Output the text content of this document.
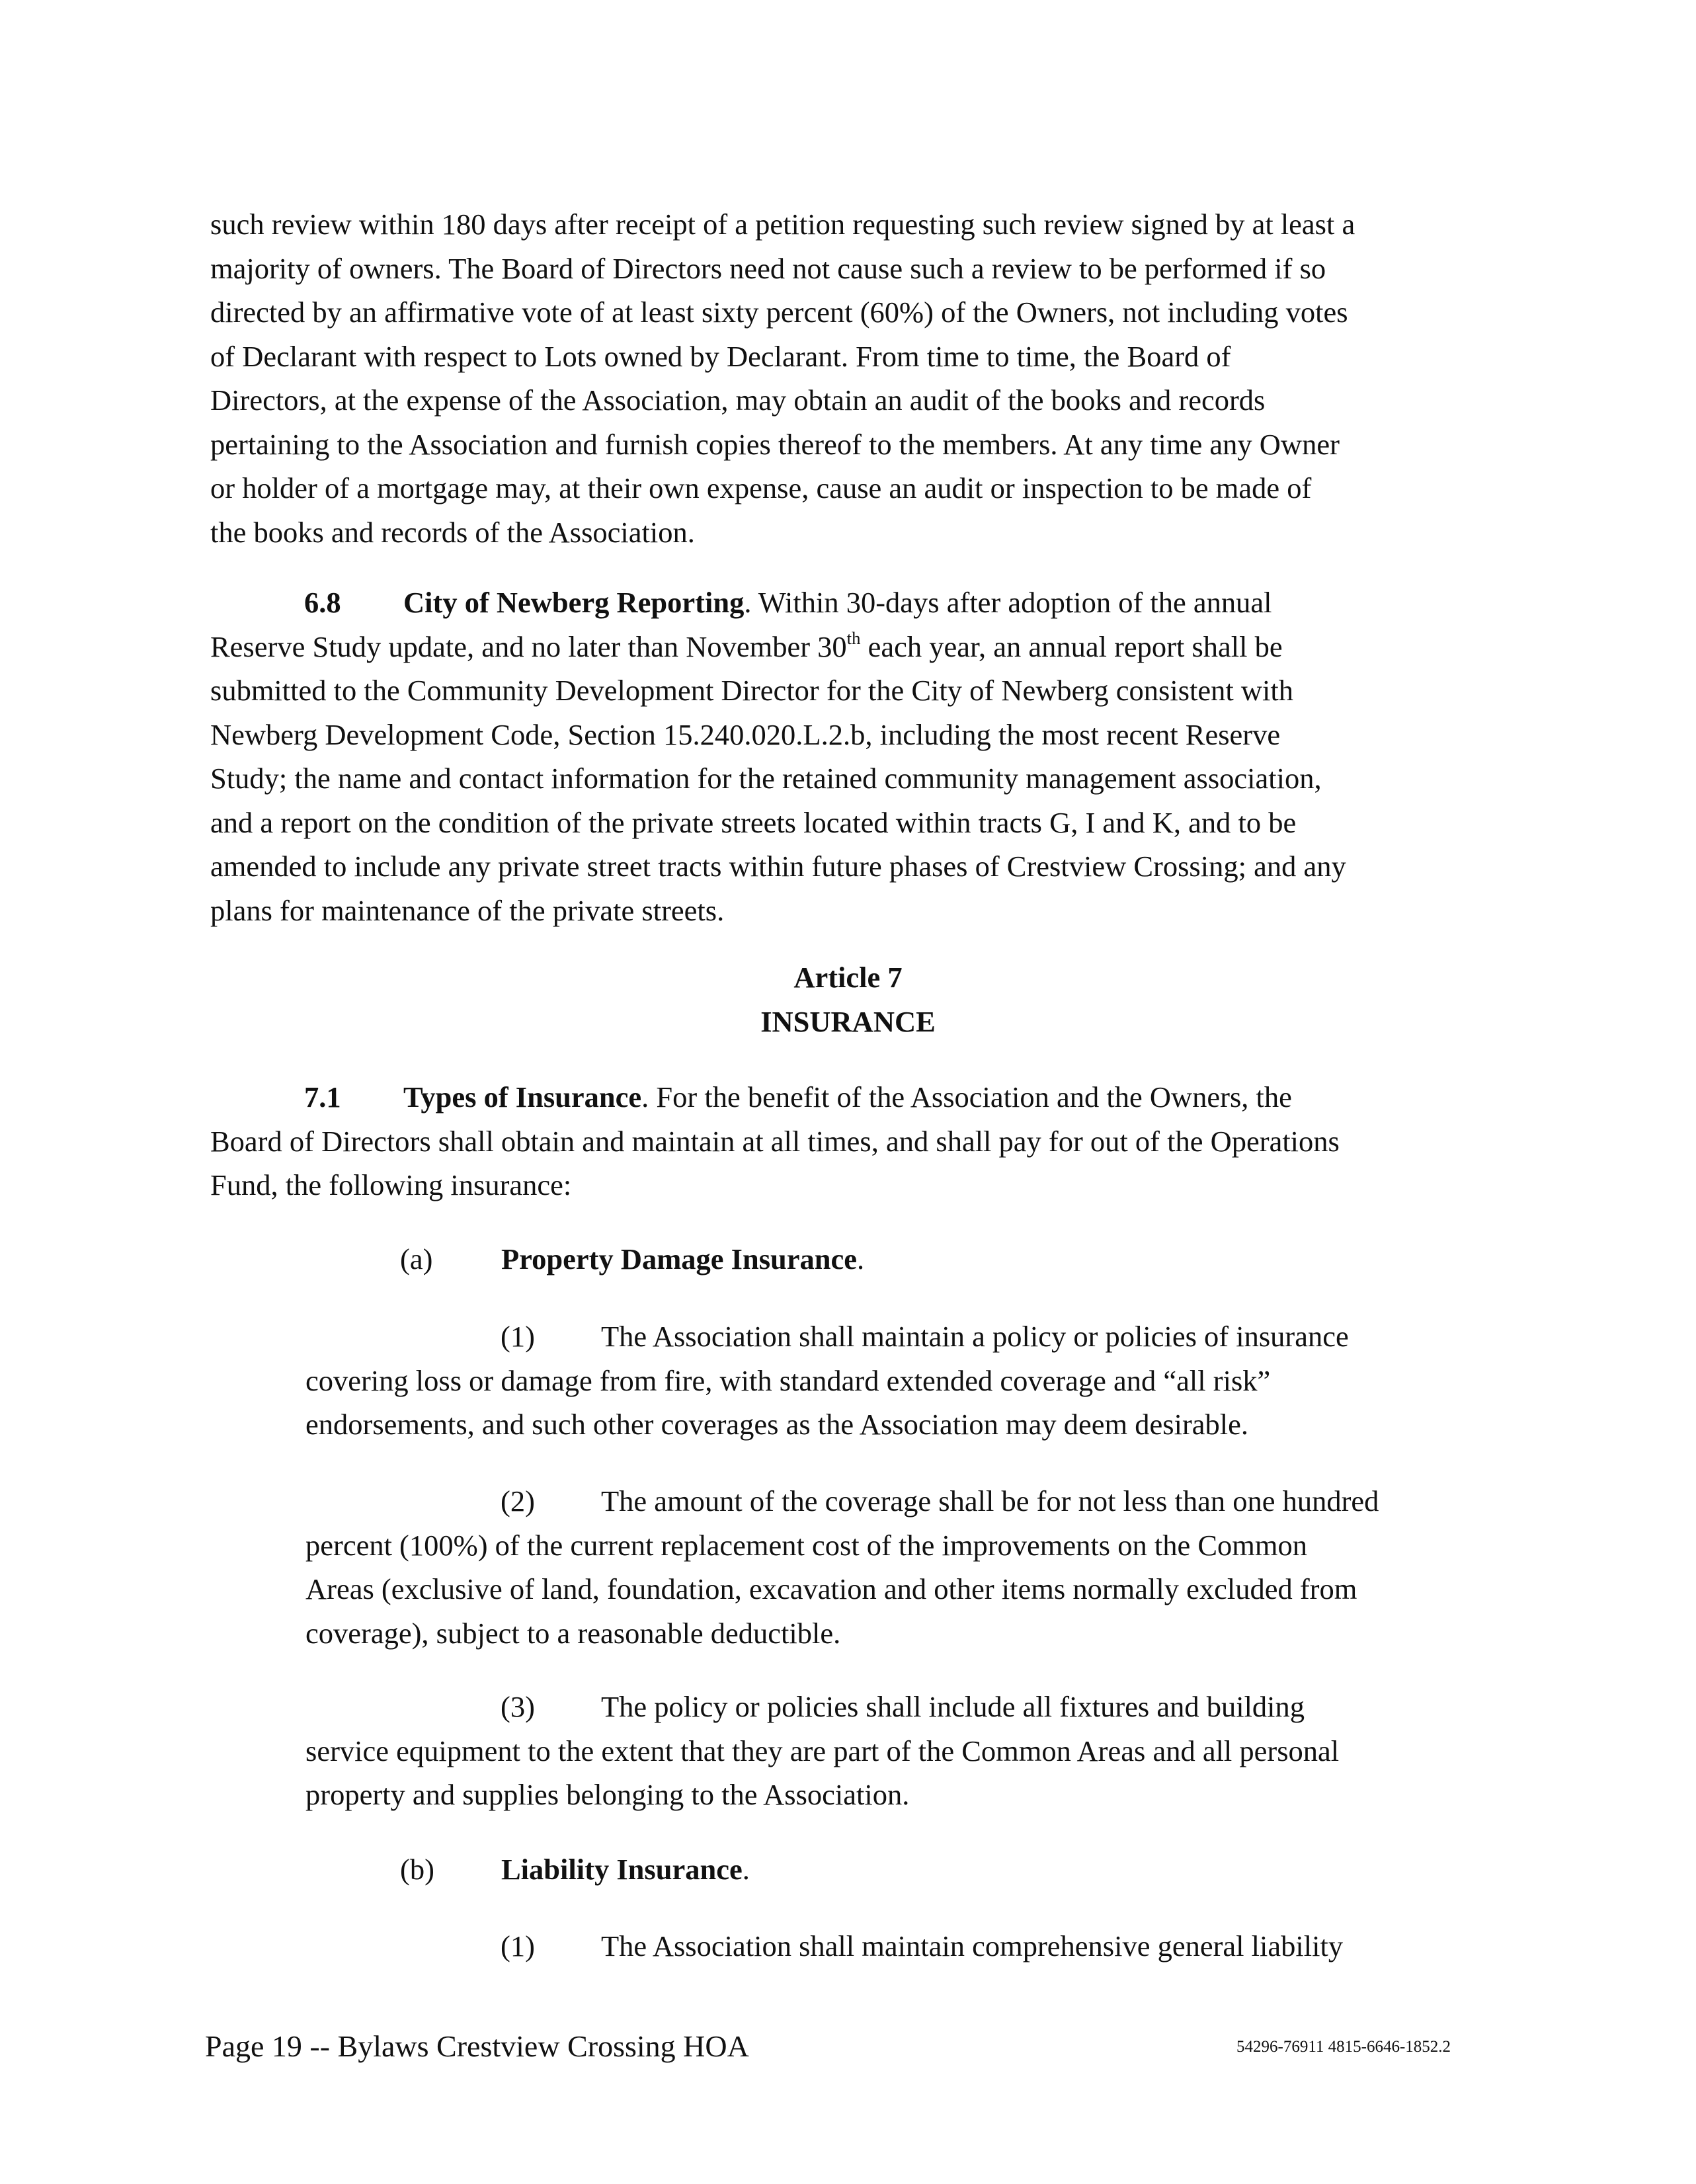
such review within 180 days after receipt of a petition requesting such review signed by at least a
majority of owners. The Board of Directors need not cause such a review to be performed if so
directed by an affirmative vote of at least sixty percent (60%) of the Owners, not including votes
of Declarant with respect to Lots owned by Declarant. From time to time, the Board of
Directors, at the expense of the Association, may obtain an audit of the books and records
pertaining to the Association and furnish copies thereof to the members. At any time any Owner
or holder of a mortgage may, at their own expense, cause an audit or inspection to be made of
the books and records of the Association.
6.8 City of Newberg Reporting. Within 30-days after adoption of the annual
Reserve Study update, and no later than November 30th each year, an annual report shall be
submitted to the Community Development Director for the City of Newberg consistent with
Newberg Development Code, Section 15.240.020.L.2.b, including the most recent Reserve
Study; the name and contact information for the retained community management association,
and a report on the condition of the private streets located within tracts G, I and K, and to be
amended to include any private street tracts within future phases of Crestview Crossing; and any
plans for maintenance of the private streets.
Article 7
INSURANCE
7.1 Types of Insurance. For the benefit of the Association and the Owners, the
Board of Directors shall obtain and maintain at all times, and shall pay for out of the Operations
Fund, the following insurance:
(a) Property Damage Insurance.
(1) The Association shall maintain a policy or policies of insurance
covering loss or damage from fire, with standard extended coverage and “all risk”
endorsements, and such other coverages as the Association may deem desirable.
(2) The amount of the coverage shall be for not less than one hundred
percent (100%) of the current replacement cost of the improvements on the Common
Areas (exclusive of land, foundation, excavation and other items normally excluded from
coverage), subject to a reasonable deductible.
(3) The policy or policies shall include all fixtures and building
service equipment to the extent that they are part of the Common Areas and all personal
property and supplies belonging to the Association.
(b) Liability Insurance.
(1) The Association shall maintain comprehensive general liability
Page 19 -- Bylaws Crestview Crossing HOA	54296-76911 4815-6646-1852.2
